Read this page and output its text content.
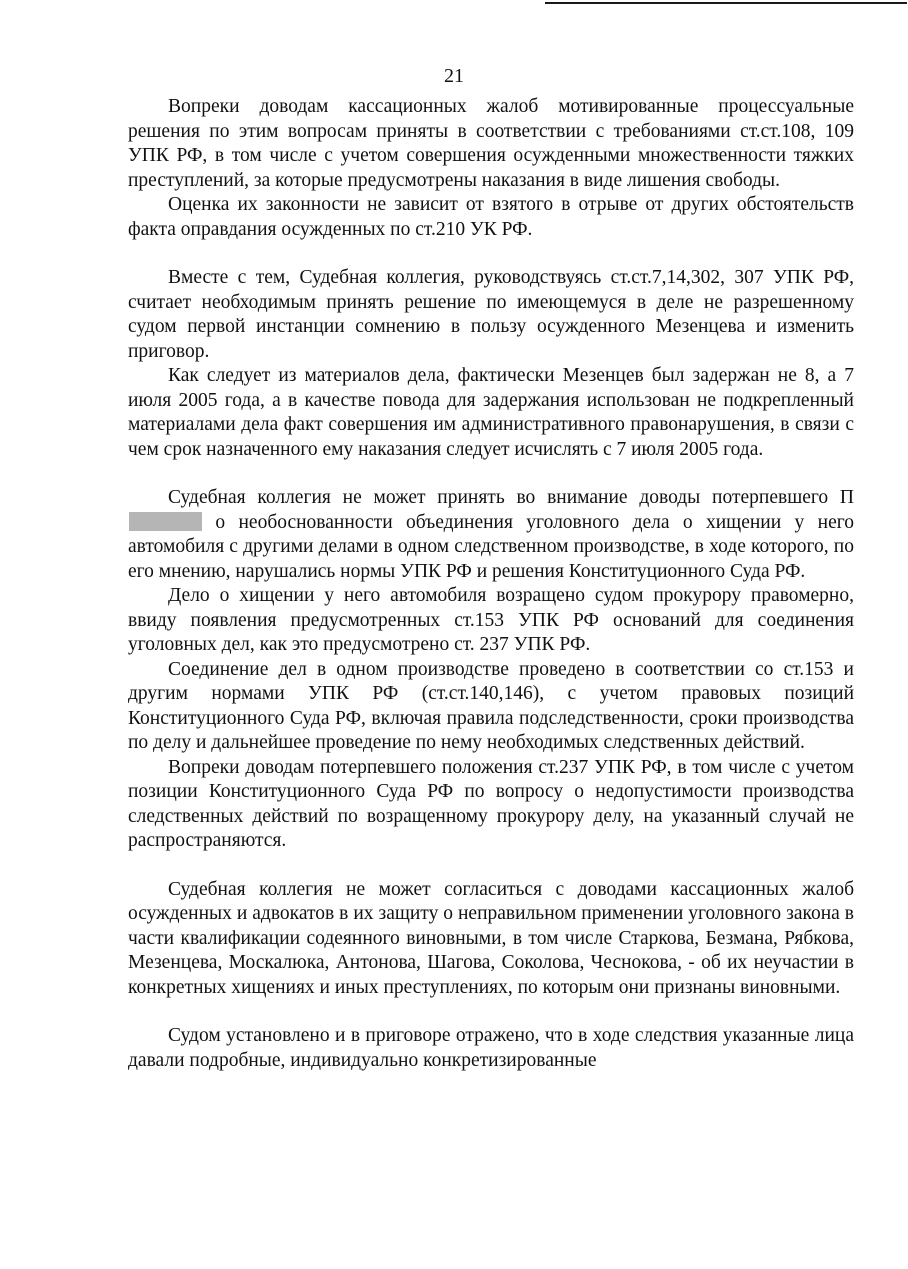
21

Вопреки доводам кассационных жалоб мотивированные процессуальные решения по этим вопросам приняты в соответствии с требованиями ст.ст.108, 109 УПК РФ, в том числе с учетом совершения осужденными множественности тяжких преступлений, за которые предусмотрены наказания в виде лишения свободы.

Оценка их законности не зависит от взятого в отрыве от других обстоятельств факта оправдания осужденных по ст.210 УК РФ.

Вместе с тем, Судебная коллегия, руководствуясь ст.ст.7,14,302, 307 УПК РФ, считает необходимым принять решение по имеющемуся в деле не разрешенному судом первой инстанции сомнению в пользу осужденного Мезенцева и изменить приговор.

Как следует из материалов дела, фактически Мезенцев был задержан не 8, а 7 июля 2005 года, а в качестве повода для задержания использован не подкрепленный материалами дела факт совершения им административного правонарушения, в связи с чем срок назначенного ему наказания следует исчислять с 7 июля 2005 года.

Судебная коллегия не может принять во внимание доводы потерпевшего П о необоснованности объединения уголовного дела о хищении у него автомобиля с другими делами в одном следственном производстве, в ходе которого, по его мнению, нарушались нормы УПК РФ и решения Конституционного Суда РФ.

Дело о хищении у него автомобиля возращено судом прокурору правомерно, ввиду появления предусмотренных ст.153 УПК РФ оснований для соединения уголовных дел, как это предусмотрено ст. 237 УПК РФ.

Соединение дел в одном производстве проведено в соответствии со ст.153 и другим нормами УПК РФ (ст.ст.140,146), с учетом правовых позиций Конституционного Суда РФ, включая правила подследственности, сроки производства по делу и дальнейшее проведение по нему необходимых следственных действий.

Вопреки доводам потерпевшего положения ст.237 УПК РФ, в том числе с учетом позиции Конституционного Суда РФ по вопросу о недопустимости производства следственных действий по возращенному прокурору делу, на указанный случай не распространяются.

Судебная коллегия не может согласиться с доводами кассационных жалоб осужденных и адвокатов в их защиту о неправильном применении уголовного закона в части квалификации содеянного виновными, в том числе Старкова, Безмана, Рябкова, Мезенцева, Москалюка, Антонова, Шагова, Соколова, Чеснокова, - об их неучастии в конкретных хищениях и иных преступлениях, по которым они признаны виновными.

Судом установлено и в приговоре отражено, что в ходе следствия указанные лица давали подробные, индивидуально конкретизированные
